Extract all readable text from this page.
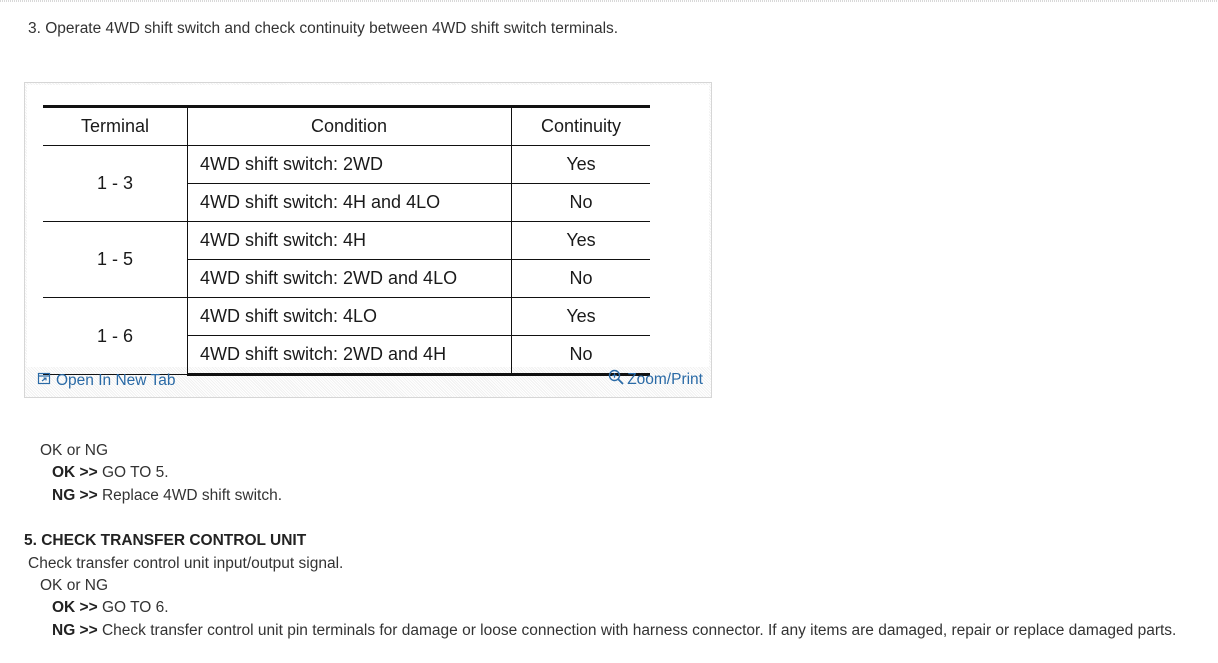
3. Operate 4WD shift switch and check continuity between 4WD shift switch terminals.
Terminal	Condition	Continuity
1 - 3	4WD shift switch: 2WD	Yes
	4WD shift switch: 4H and 4LO	No
1 - 5	4WD shift switch: 4H	Yes
	4WD shift switch: 2WD and 4LO	No
1 - 6	4WD shift switch: 4LO	Yes
	4WD shift switch: 2WD and 4H	No
Open In New Tab	Zoom/Print
OK or NG
OK >> GO TO 5.
NG >> Replace 4WD shift switch.
5. CHECK TRANSFER CONTROL UNIT
Check transfer control unit input/output signal.
OK or NG
OK >> GO TO 6.
NG >> Check transfer control unit pin terminals for damage or loose connection with harness connector. If any items are damaged, repair or replace damaged parts.
